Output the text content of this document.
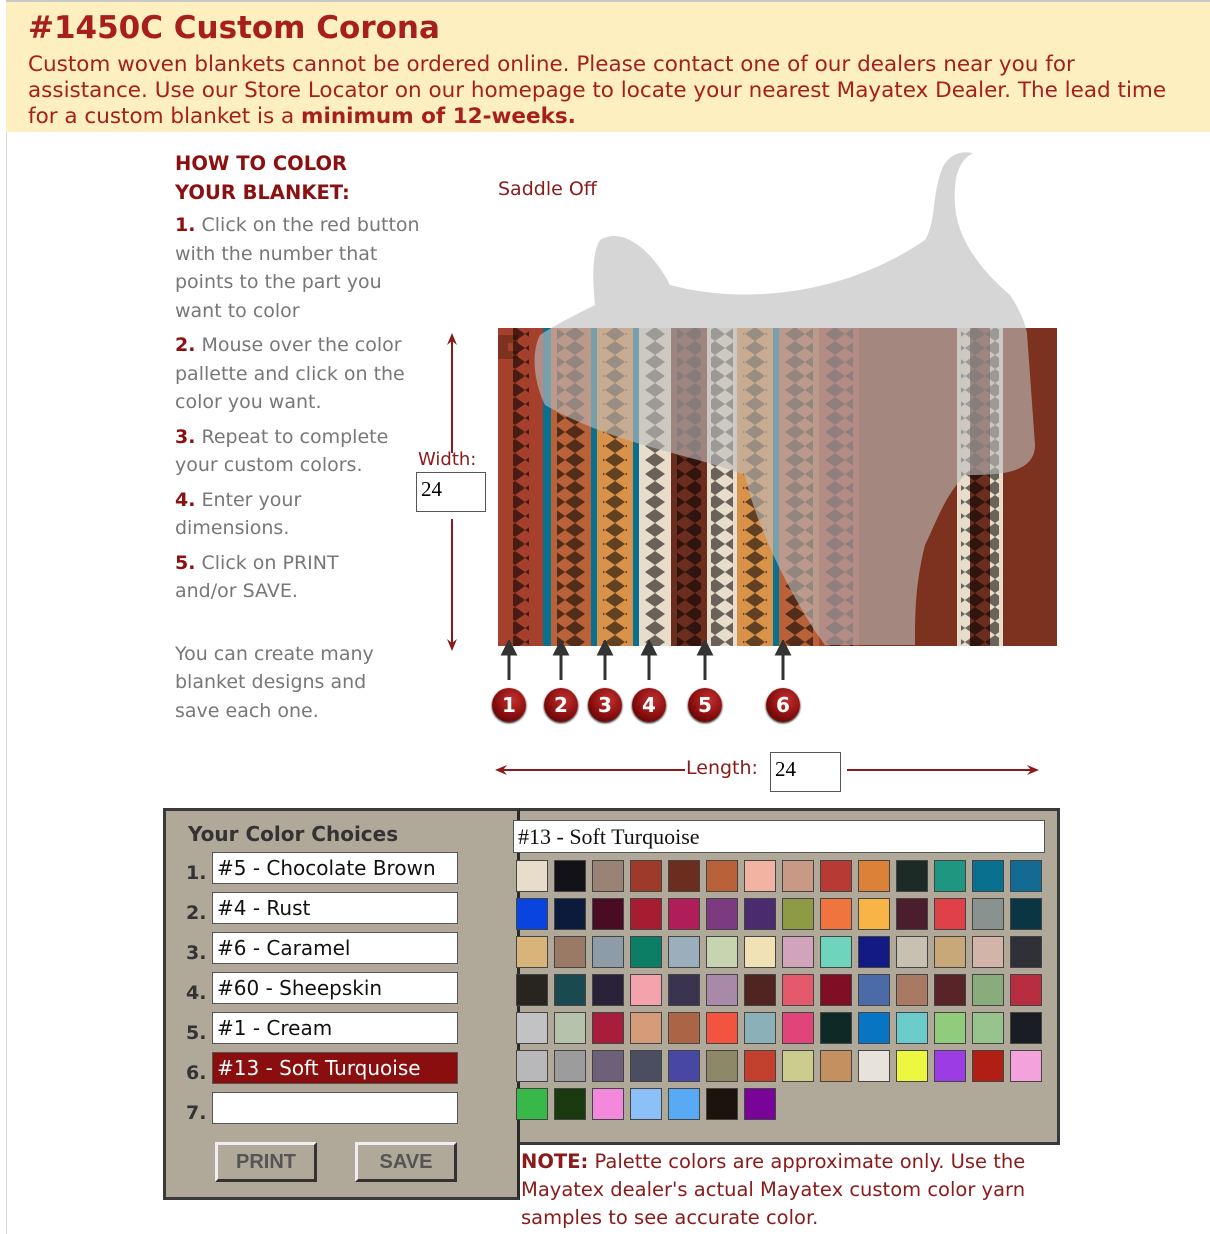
#1450C Custom Corona

Custom woven blankets cannot be ordered online. Please contact one of our dealers near you for assistance. Use our Store Locator on our homepage to locate your nearest Mayatex Dealer. The lead time for a custom blanket is a minimum of 12-weeks.

HOW TO COLOR
YOUR BLANKET:
1. Click on the red button with the number that points to the part you want to color
2. Mouse over the color pallette and click on the color you want.
3. Repeat to complete your custom colors.
4. Enter your dimensions.
5. Click on PRINT and/or SAVE.
You can create many blanket designs and save each one.
Saddle Off
Width:
24
1	2	3	4	5	6
Length: 24
Your Color Choices
1. #5 - Chocolate Brown
2. #4 - Rust
3. #6 - Caramel
4. #60 - Sheepskin
5. #1 - Cream
6. #13 - Soft Turquoise
7.
PRINT	SAVE
#13 - Soft Turquoise
NOTE: Palette colors are approximate only. Use the Mayatex dealer's actual Mayatex custom color yarn samples to see accurate color.
